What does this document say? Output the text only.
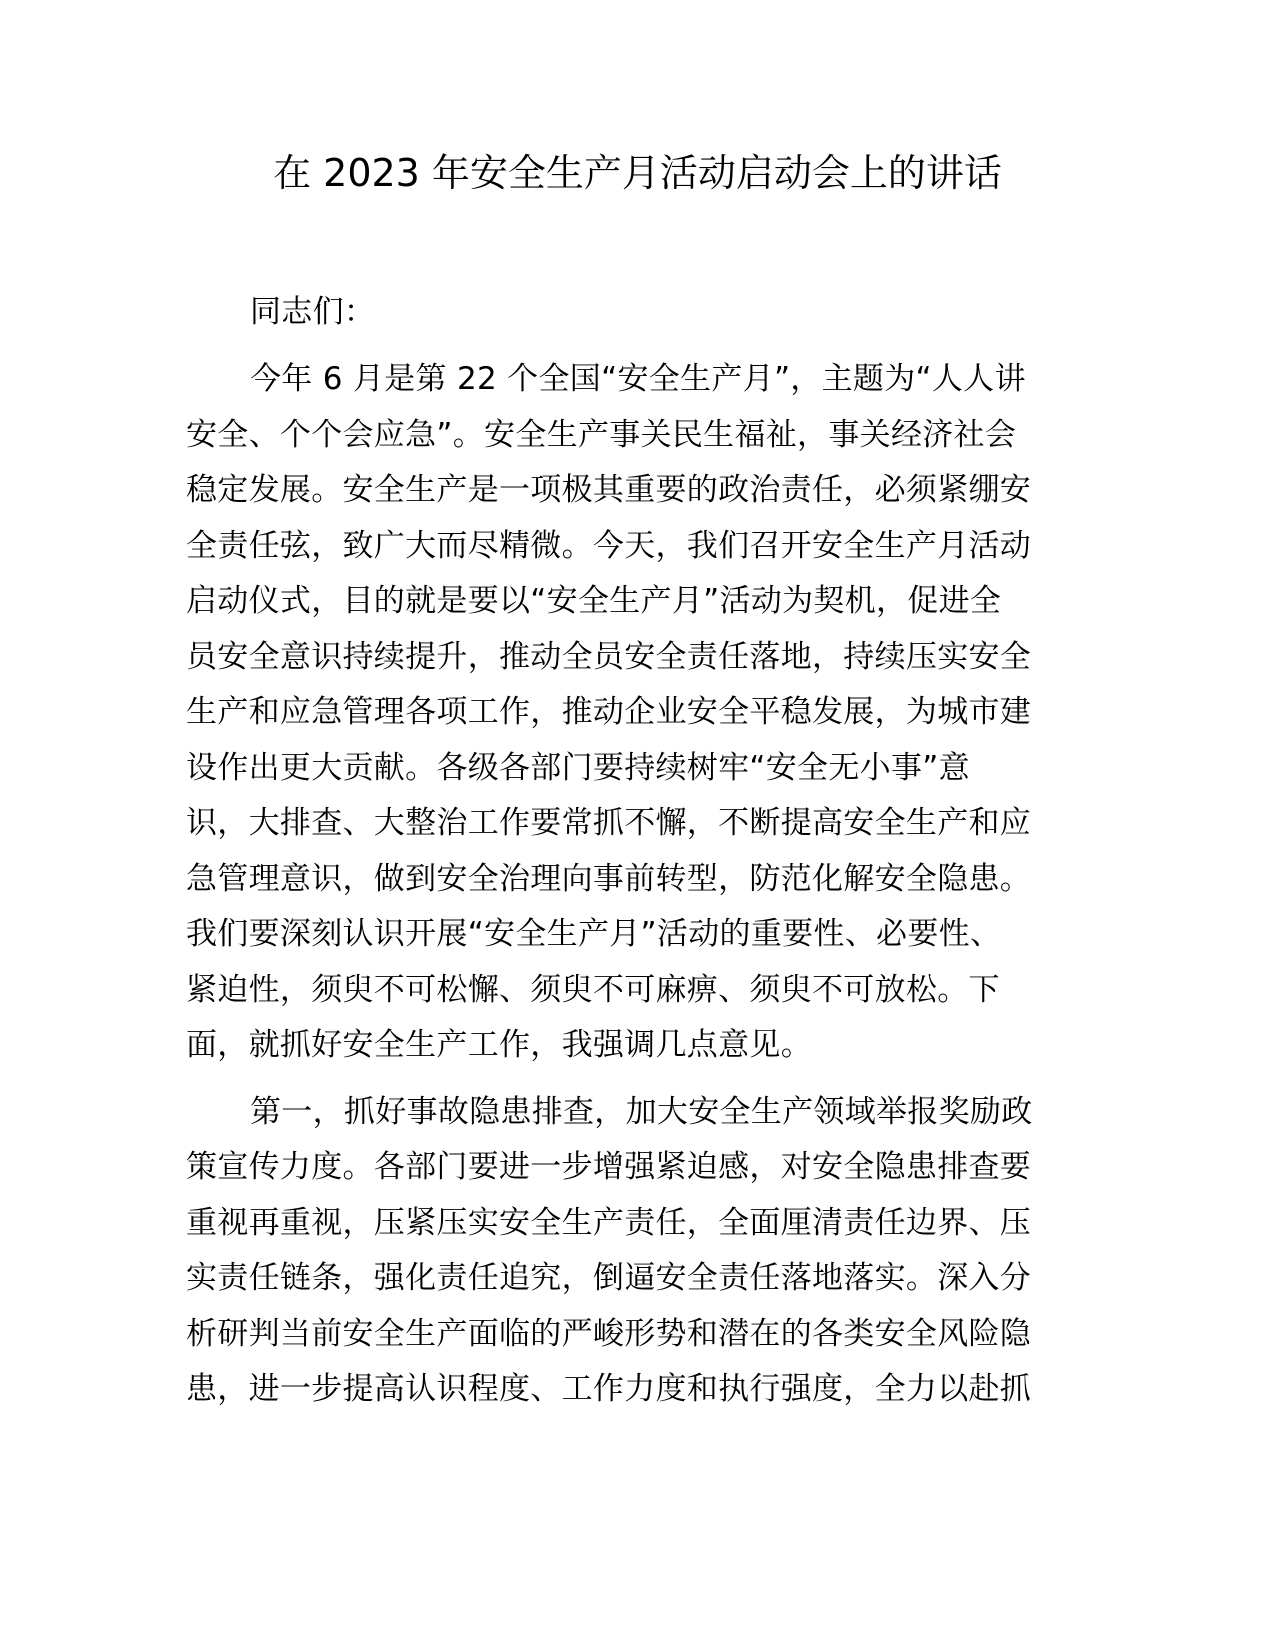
在 2023 年安全生产月活动启动会上的讲话
同志们：
今年 6 月是第 22 个全国“安全生产月”，主题为“人人讲
安全、个个会应急”。安全生产事关民生福祉，事关经济社会
稳定发展。安全生产是一项极其重要的政治责任，必须紧绷安
全责任弦，致广大而尽精微。今天，我们召开安全生产月活动
启动仪式，目的就是要以“安全生产月”活动为契机，促进全
员安全意识持续提升，推动全员安全责任落地，持续压实安全
生产和应急管理各项工作，推动企业安全平稳发展，为城市建
设作出更大贡献。各级各部门要持续树牢“安全无小事”意
识，大排查、大整治工作要常抓不懈，不断提高安全生产和应
急管理意识，做到安全治理向事前转型，防范化解安全隐患。
我们要深刻认识开展“安全生产月”活动的重要性、必要性、
紧迫性，须臾不可松懈、须臾不可麻痹、须臾不可放松。下
面，就抓好安全生产工作，我强调几点意见。
第一，抓好事故隐患排查，加大安全生产领域举报奖励政
策宣传力度。各部门要进一步增强紧迫感，对安全隐患排查要
重视再重视，压紧压实安全生产责任，全面厘清责任边界、压
实责任链条，强化责任追究，倒逼安全责任落地落实。深入分
析研判当前安全生产面临的严峻形势和潜在的各类安全风险隐
患，进一步提高认识程度、工作力度和执行强度，全力以赴抓
